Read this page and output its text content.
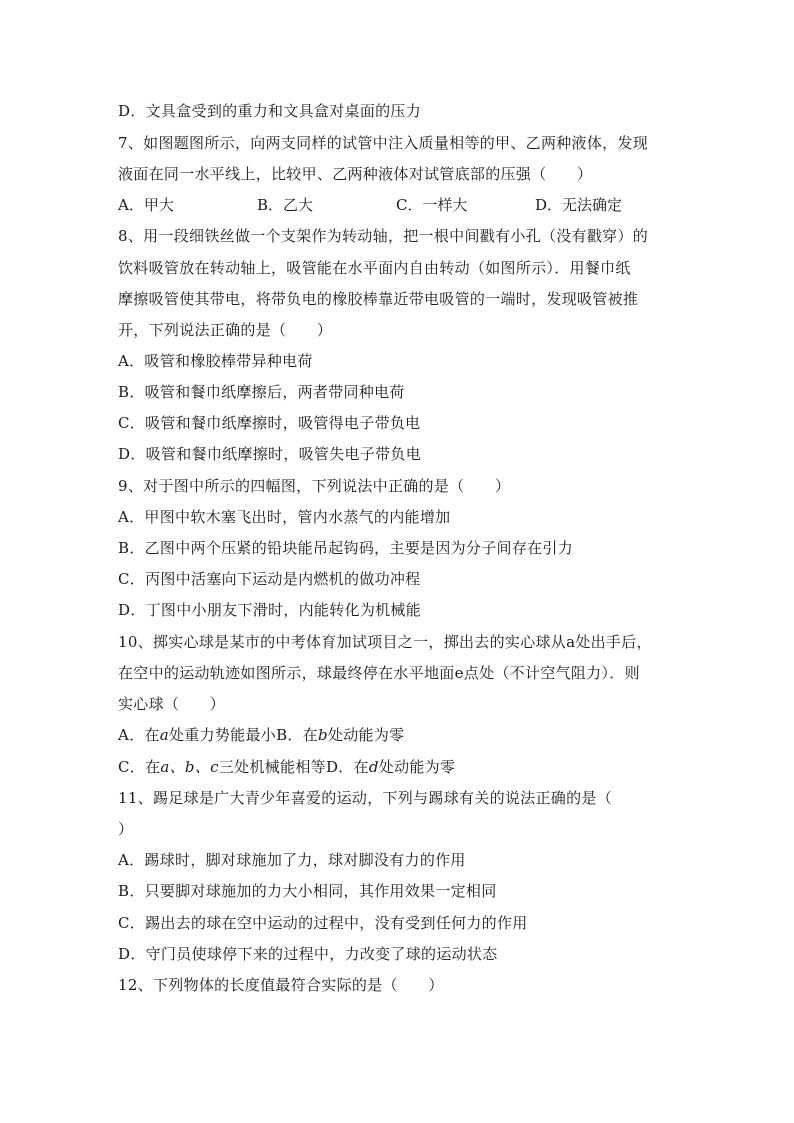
D．文具盒受到的重力和文具盒对桌面的压力
7、如图题图所示，向两支同样的试管中注入质量相等的甲、乙两种液体，发现
液面在同一水平线上，比较甲、乙两种液体对试管底部的压强（　　）
A．甲大	B．乙大	C．一样大	D．无法确定
8、用一段细铁丝做一个支架作为转动轴，把一根中间戳有小孔（没有戳穿）的
饮料吸管放在转动轴上，吸管能在水平面内自由转动（如图所示）．用餐巾纸
摩擦吸管使其带电，将带负电的橡胶棒靠近带电吸管的一端时，发现吸管被推
开，下列说法正确的是（　　）
A．吸管和橡胶棒带异种电荷
B．吸管和餐巾纸摩擦后，两者带同种电荷
C．吸管和餐巾纸摩擦时，吸管得电子带负电
D．吸管和餐巾纸摩擦时，吸管失电子带负电
9、对于图中所示的四幅图，下列说法中正确的是（　　）
A．甲图中软木塞飞出时，管内水蒸气的内能增加
B．乙图中两个压紧的铅块能吊起钩码，主要是因为分子间存在引力
C．丙图中活塞向下运动是内燃机的做功冲程
D．丁图中小朋友下滑时，内能转化为机械能
10、掷实心球是某市的中考体育加试项目之一，掷出去的实心球从a处出手后，
在空中的运动轨迹如图所示，球最终停在水平地面e点处（不计空气阻力）．则
实心球（　　）
A．在a处重力势能最小B．在b处动能为零
C．在a、b、c三处机械能相等D．在d处动能为零
11、踢足球是广大青少年喜爱的运动，下列与踢球有关的说法正确的是（
）
A．踢球时，脚对球施加了力，球对脚没有力的作用
B．只要脚对球施加的力大小相同，其作用效果一定相同
C．踢出去的球在空中运动的过程中，没有受到任何力的作用
D．守门员使球停下来的过程中，力改变了球的运动状态
12、下列物体的长度值最符合实际的是（　　）
